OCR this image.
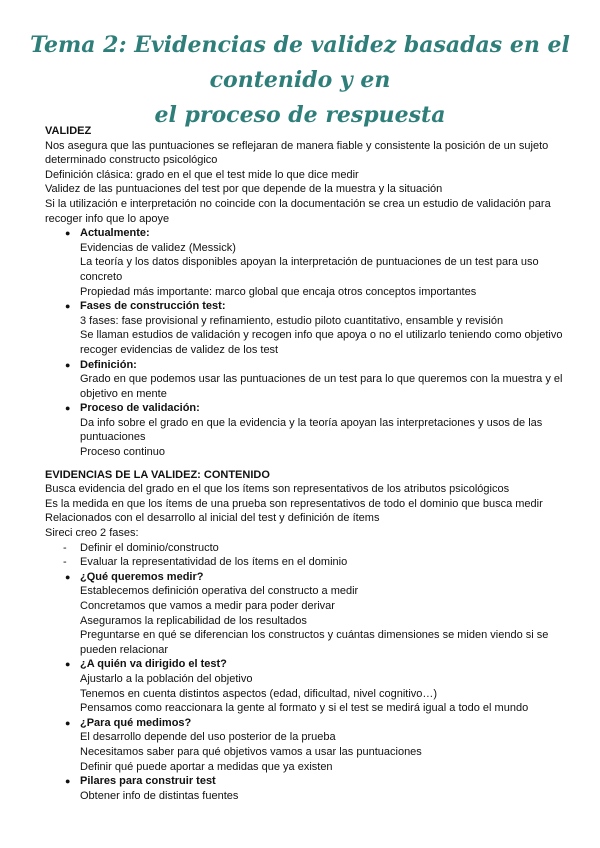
Tema 2: Evidencias de validez basadas en el contenido y en
el proceso de respuesta
VALIDEZ
Nos asegura que las puntuaciones se reflejaran de manera fiable y consistente la posición de un sujeto determinado constructo psicológico
Definición clásica: grado en el que el test mide lo que dice medir
Validez de las puntuaciones del test por que depende de la muestra y la situación
Si la utilización e interpretación no coincide con la documentación se crea un estudio de validación para recoger info que lo apoye
● Actualmente:
Evidencias de validez (Messick)
La teoría y los datos disponibles apoyan la interpretación de puntuaciones de un test para uso concreto
Propiedad más importante: marco global que encaja otros conceptos importantes
● Fases de construcción test:
3 fases: fase provisional y refinamiento, estudio piloto cuantitativo, ensamble y revisión
Se llaman estudios de validación y recogen info que apoya o no el utilizarlo teniendo como objetivo recoger evidencias de validez de los test
● Definición:
Grado en que podemos usar las puntuaciones de un test para lo que queremos con la muestra y el objetivo en mente
● Proceso de validación:
Da info sobre el grado en que la evidencia y la teoría apoyan las interpretaciones y usos de las puntuaciones
Proceso continuo
EVIDENCIAS DE LA VALIDEZ: CONTENIDO
Busca evidencia del grado en el que los ítems son representativos de los atributos psicológicos
Es la medida en que los ítems de una prueba son representativos de todo el dominio que busca medir
Relacionados con el desarrollo al inicial del test y definición de ítems
Sireci creo 2 fases:
- Definir el dominio/constructo
- Evaluar la representatividad de los ítems en el dominio
● ¿Qué queremos medir?
Establecemos definición operativa del constructo a medir
Concretamos que vamos a medir para poder derivar
Aseguramos la replicabilidad de los resultados
Preguntarse en qué se diferencian los constructos y cuántas dimensiones se miden viendo si se pueden relacionar
● ¿A quién va dirigido el test?
Ajustarlo a la población del objetivo
Tenemos en cuenta distintos aspectos (edad, dificultad, nivel cognitivo…)
Pensamos como reaccionara la gente al formato y si el test se medirá igual a todo el mundo
● ¿Para qué medimos?
El desarrollo depende del uso posterior de la prueba
Necesitamos saber para qué objetivos vamos a usar las puntuaciones
Definir qué puede aportar a medidas que ya existen
● Pilares para construir test
Obtener info de distintas fuentes
